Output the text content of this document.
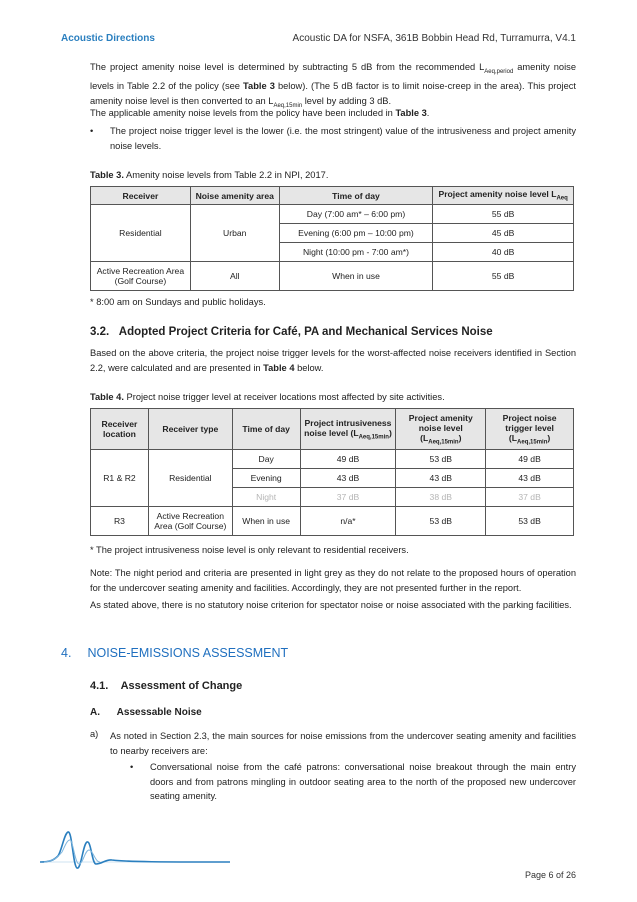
Acoustic Directions	Acoustic DA for NSFA, 361B Bobbin Head Rd, Turramurra, V4.1

The project amenity noise level is determined by subtracting 5 dB from the recommended $L_{Aeq,period}$ amenity noise levels in Table 2.2 of the policy (see Table 3 below). (The 5 dB factor is to limit noise-creep in the area). This project amenity noise level is then converted to an $L_{Aeq,15min}$ level by adding 3 dB.

The applicable amenity noise levels from the policy have been included in Table 3.

• The project noise trigger level is the lower (i.e. the most stringent) value of the intrusiveness and project amenity noise levels.
Table 3. Amenity noise levels from Table 2.2 in NPI, 2017.
Receiver	Noise amenity area	Time of day	Project amenity noise level $L_{Aeq}$
Residential	Urban	Day (7:00 am* – 6:00 pm)	55 dB
		Evening (6:00 pm – 10:00 pm)	45 dB
		Night (10:00 pm - 7:00 am*)	40 dB
Active Recreation Area (Golf Course)	All	When in use	55 dB
* 8:00 am on Sundays and public holidays.
3.2. Adopted Project Criteria for Café, PA and Mechanical Services Noise

Based on the above criteria, the project noise trigger levels for the worst-affected noise receivers identified in Section 2.2, were calculated and are presented in Table 4 below.

Table 4. Project noise trigger level at receiver locations most affected by site activities.
Receiver location	Receiver type	Time of day	Project intrusiveness noise level $(L_{Aeq,15min})$	Project amenity noise level $(L_{Aeq,15min})$	Project noise trigger level $(L_{Aeq,15min})$
R1 & R2	Residential	Day	49 dB	53 dB	49 dB
		Evening	43 dB	43 dB	43 dB
		Night	37 dB	38 dB	37 dB
R3	Active Recreation Area (Golf Course)	When in use	n/a*	53 dB	53 dB
* The project intrusiveness noise level is only relevant to residential receivers.

Note: The night period and criteria are presented in light grey as they do not relate to the proposed hours of operation for the undercover seating amenity and facilities. Accordingly, they are not presented further in the report.

As stated above, there is no statutory noise criterion for spectator noise or noise associated with the parking facilities.

4. NOISE-EMISSIONS ASSESSMENT
4.1. Assessment of Change
A. Assessable Noise
a) As noted in Section 2.3, the main sources for noise emissions from the undercover seating amenity and facilities to nearby receivers are:
• Conversational noise from the café patrons: conversational noise breakout through the main entry doors and from patrons mingling in outdoor seating area to the north of the proposed new undercover seating amenity.
Page 6 of 26
